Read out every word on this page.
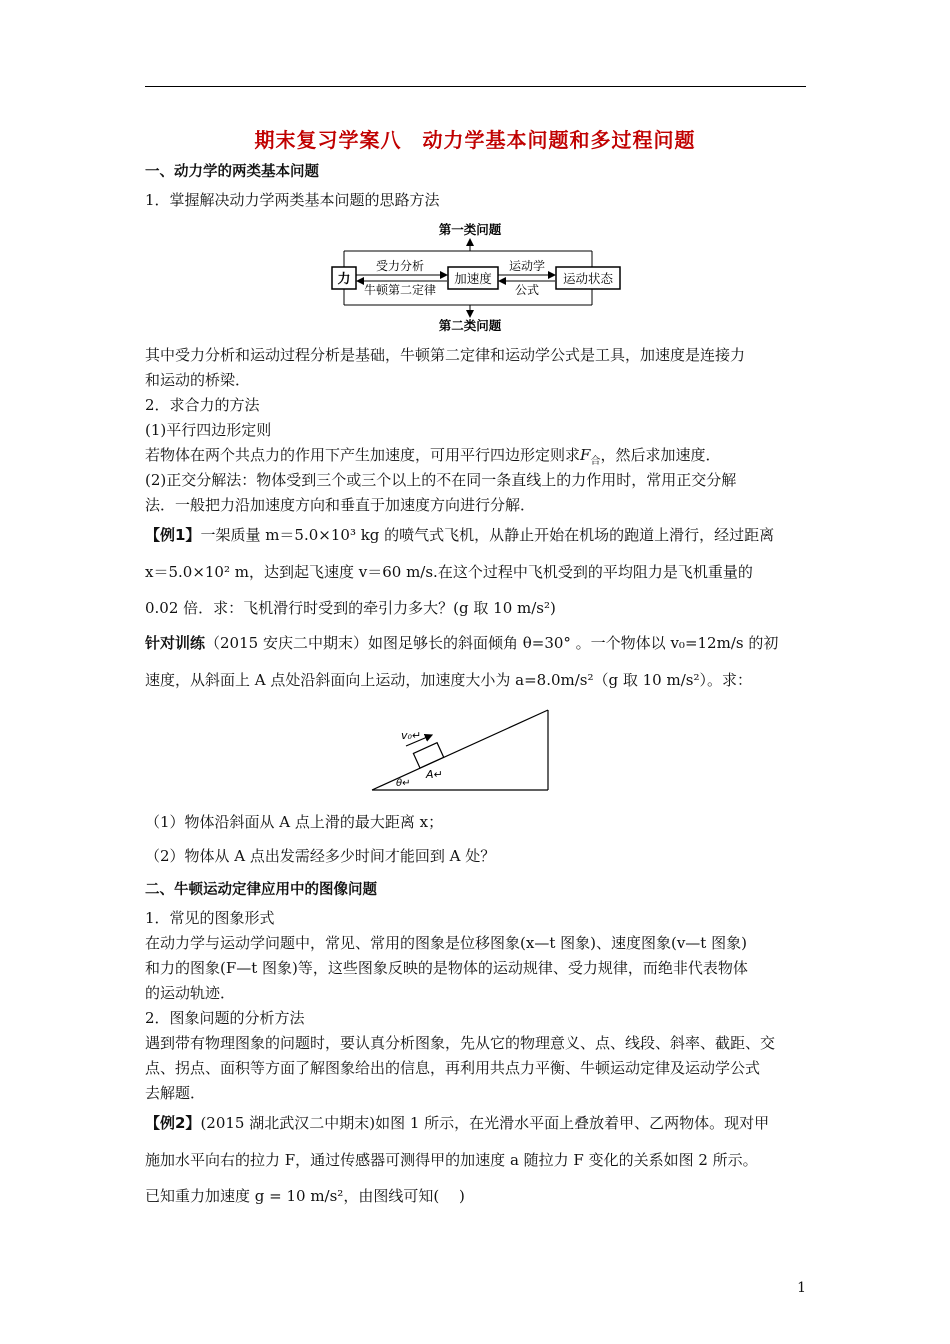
期末复习学案八　动力学基本问题和多过程问题
一、动力学的两类基本问题
1．掌握解决动力学两类基本问题的思路方法
第一类问题
第二类问题
力	加速度	运动状态
受力分析
牛顿第二定律
运动学
公式
其中受力分析和运动过程分析是基础，牛顿第二定律和运动学公式是工具，加速度是连接力
和运动的桥梁．
2．求合力的方法
(1)平行四边形定则
若物体在两个共点力的作用下产生加速度，可用平行四边形定则求$F_合$，然后求加速度．
(2)正交分解法：物体受到三个或三个以上的不在同一条直线上的力作用时，常用正交分解
法．一般把力沿加速度方向和垂直于加速度方向进行分解．
【例1】一架质量 m＝5.0×10³ kg 的喷气式飞机，从静止开始在机场的跑道上滑行，经过距离
x＝5.0×10² m，达到起飞速度 v＝60 m/s.在这个过程中飞机受到的平均阻力是飞机重量的
0.02 倍．求：飞机滑行时受到的牵引力多大？(g 取 10 m/s²)
针对训练（2015 安庆二中期末）如图足够长的斜面倾角 θ=30° 。一个物体以 v₀=12m/s 的初
速度，从斜面上 A 点处沿斜面向上运动，加速度大小为 a=8.0m/s²（g 取 10 m/s²）。求：
v₀↵
A↵
θ↵
（1）物体沿斜面从 A 点上滑的最大距离 x；
（2）物体从 A 点出发需经多少时间才能回到 A 处？
二、牛顿运动定律应用中的图像问题
1．常见的图象形式
在动力学与运动学问题中，常见、常用的图象是位移图象(x—t 图象)、速度图象(v—t 图象)
和力的图象(F—t 图象)等，这些图象反映的是物体的运动规律、受力规律，而绝非代表物体
的运动轨迹．
2．图象问题的分析方法
遇到带有物理图象的问题时，要认真分析图象，先从它的物理意义、点、线段、斜率、截距、交
点、拐点、面积等方面了解图象给出的信息，再利用共点力平衡、牛顿运动定律及运动学公式
去解题．
【例2】(2015 湖北武汉二中期末)如图 1 所示，在光滑水平面上叠放着甲、乙两物体。现对甲
施加水平向右的拉力 F，通过传感器可测得甲的加速度 a 随拉力 F 变化的关系如图 2 所示。
已知重力加速度 g = 10 m/s²，由图线可知(　 )
1
